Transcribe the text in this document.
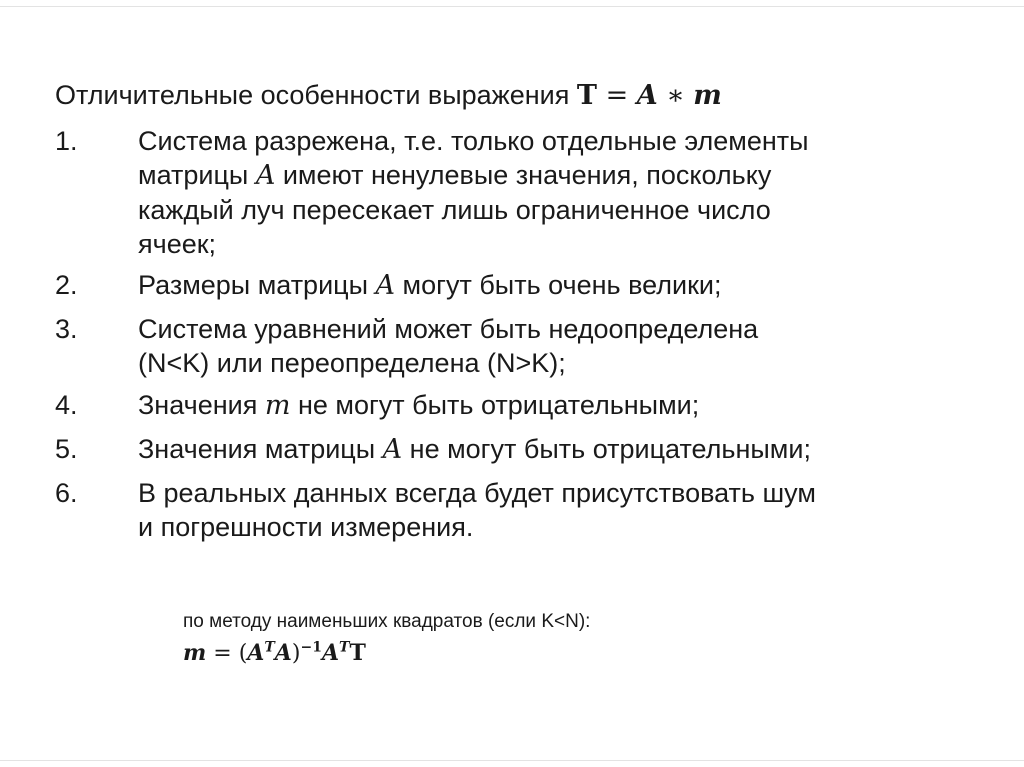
Отличительные особенности выражения T = A ∗ m
1.	Система разрежена, т.е. только отдельные элементы
матрицы A имеют ненулевые значения, поскольку
каждый луч пересекает лишь ограниченное число
ячеек;
2.	Размеры матрицы A могут быть очень велики;
3.	Система уравнений может быть недоопределена
(N<K) или переопределена (N>K);
4.	Значения m не могут быть отрицательными;
5.	Значения матрицы A не могут быть отрицательными;
6.	В реальных данных всегда будет присутствовать шум
и погрешности измерения.
по методу наименьших квадратов (если K<N):
$m = (A^TA)^{-1}A^TT$
